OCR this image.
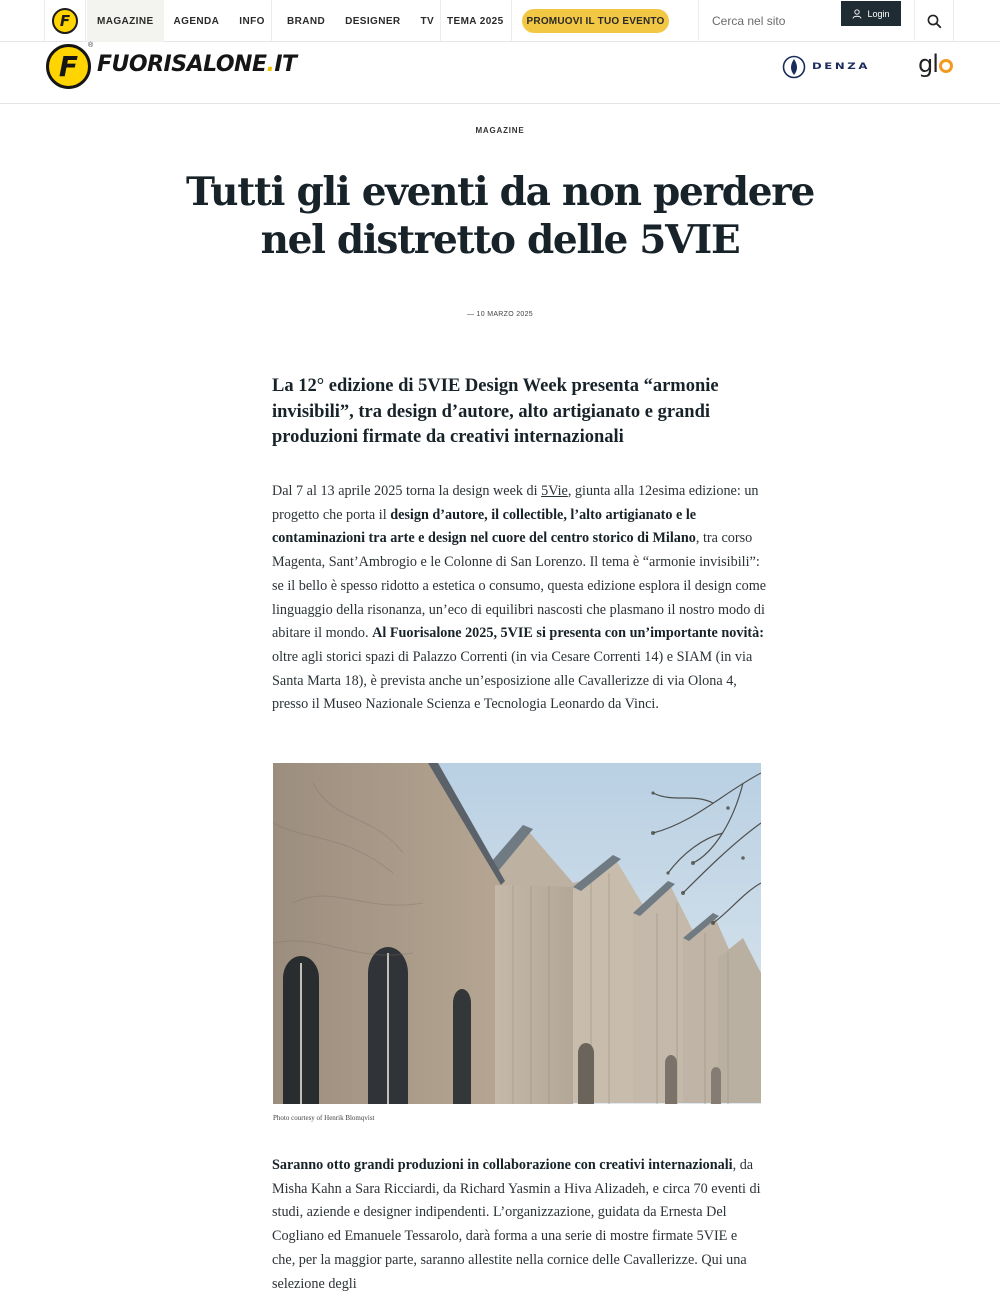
F	MAGAZINE	AGENDA	INFO	BRAND	DESIGNER	TV	TEMA 2025	PROMUOVI IL TUO EVENTO
Cerca nel sito
Login
F
®
FUORISALONE.IT	DENZA gl
MAGAZINE
Tutti gli eventi da non perdere nel distretto delle 5VIE
— 10 MARZO 2025

La 12° edizione di 5VIE Design Week presenta “armonie invisibili”, tra design d’autore, alto artigianato e grandi produzioni firmate da creativi internazionali

Dal 7 al 13 aprile 2025 torna la design week di 5Vie, giunta alla 12esima edizione: un progetto che porta il design d’autore, il collectible, l’alto artigianato e le contaminazioni tra arte e design nel cuore del centro storico di Milano, tra corso Magenta, Sant’Ambrogio e le Colonne di San Lorenzo. Il tema è “armonie invisibili”: se il bello è spesso ridotto a estetica o consumo, questa edizione esplora il design come linguaggio della risonanza, un’eco di equilibri nascosti che plasmano il nostro modo di abitare il mondo. Al Fuorisalone 2025, 5VIE si presenta con un’importante novità: oltre agli storici spazi di Palazzo Correnti (in via Cesare Correnti 14) e SIAM (in via Santa Marta 18), è prevista anche un’esposizione alle Cavallerizze di via Olona 4, presso il Museo Nazionale Scienza e Tecnologia Leonardo da Vinci.

Photo courtesy of Henrik Blomqvist

Saranno otto grandi produzioni in collaborazione con creativi internazionali, da Misha Kahn a Sara Ricciardi, da Richard Yasmin a Hiva Alizadeh, e circa 70 eventi di studi, aziende e designer indipendenti. L’organizzazione, guidata da Ernesta Del Cogliano ed Emanuele Tessarolo, darà forma a una serie di mostre firmate 5VIE e che, per la maggior parte, saranno allestite nella cornice delle Cavallerizze. Qui una selezione degli
